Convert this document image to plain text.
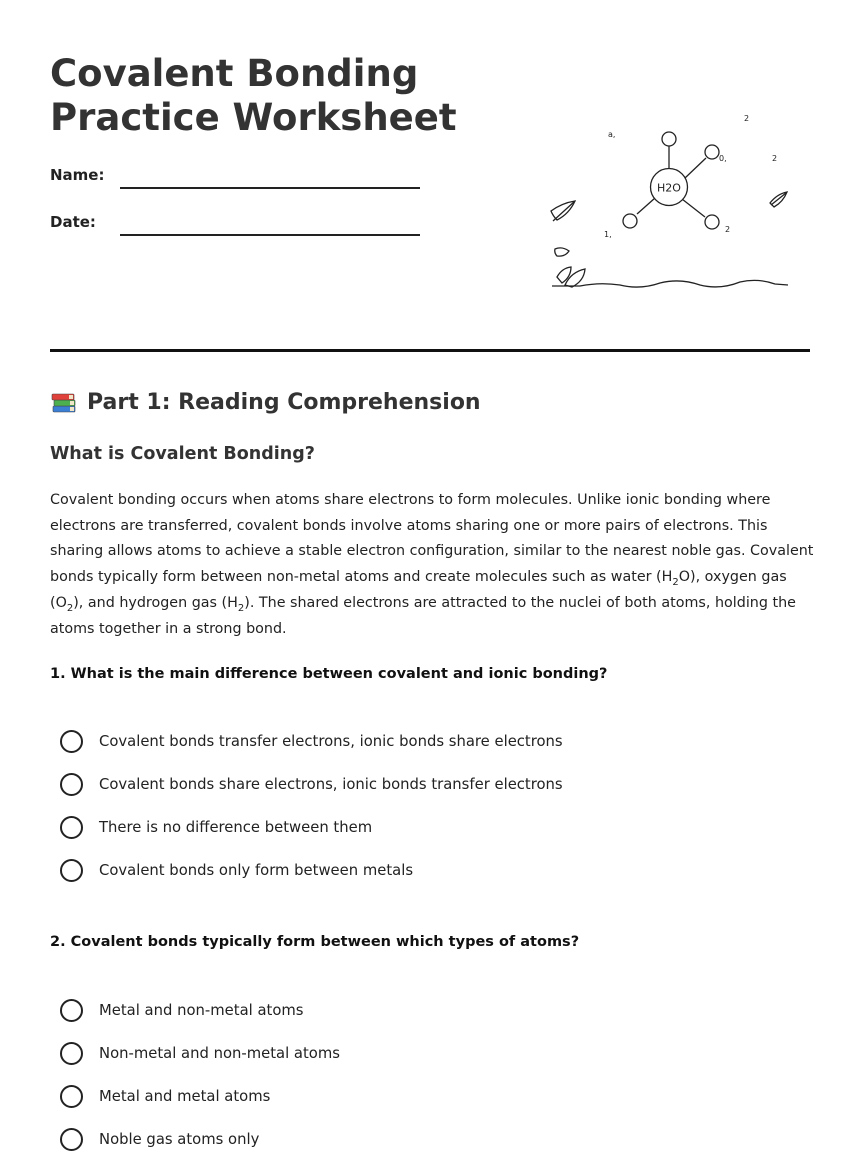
Covalent Bonding
Practice Worksheet
Name:
Date:
H2O
a,
2
0,	2
1,
2
Part 1: Reading Comprehension
What is Covalent Bonding?

Covalent bonding occurs when atoms share electrons to form molecules. Unlike ionic bonding where electrons are transferred, covalent bonds involve atoms sharing one or more pairs of electrons. This sharing allows atoms to achieve a stable electron configuration, similar to the nearest noble gas. Covalent bonds typically form between non-metal atoms and create molecules such as water $(H_2O)$, oxygen gas $(O_2)$, and hydrogen gas $(H_2)$. The shared electrons are attracted to the nuclei of both atoms, holding the atoms together in a strong bond.

1. What is the main difference between covalent and ionic bonding?

Covalent bonds transfer electrons, ionic bonds share electrons
Covalent bonds share electrons, ionic bonds transfer electrons
There is no difference between them
Covalent bonds only form between metals

2. Covalent bonds typically form between which types of atoms?

Metal and non-metal atoms
Non-metal and non-metal atoms
Metal and metal atoms
Noble gas atoms only
